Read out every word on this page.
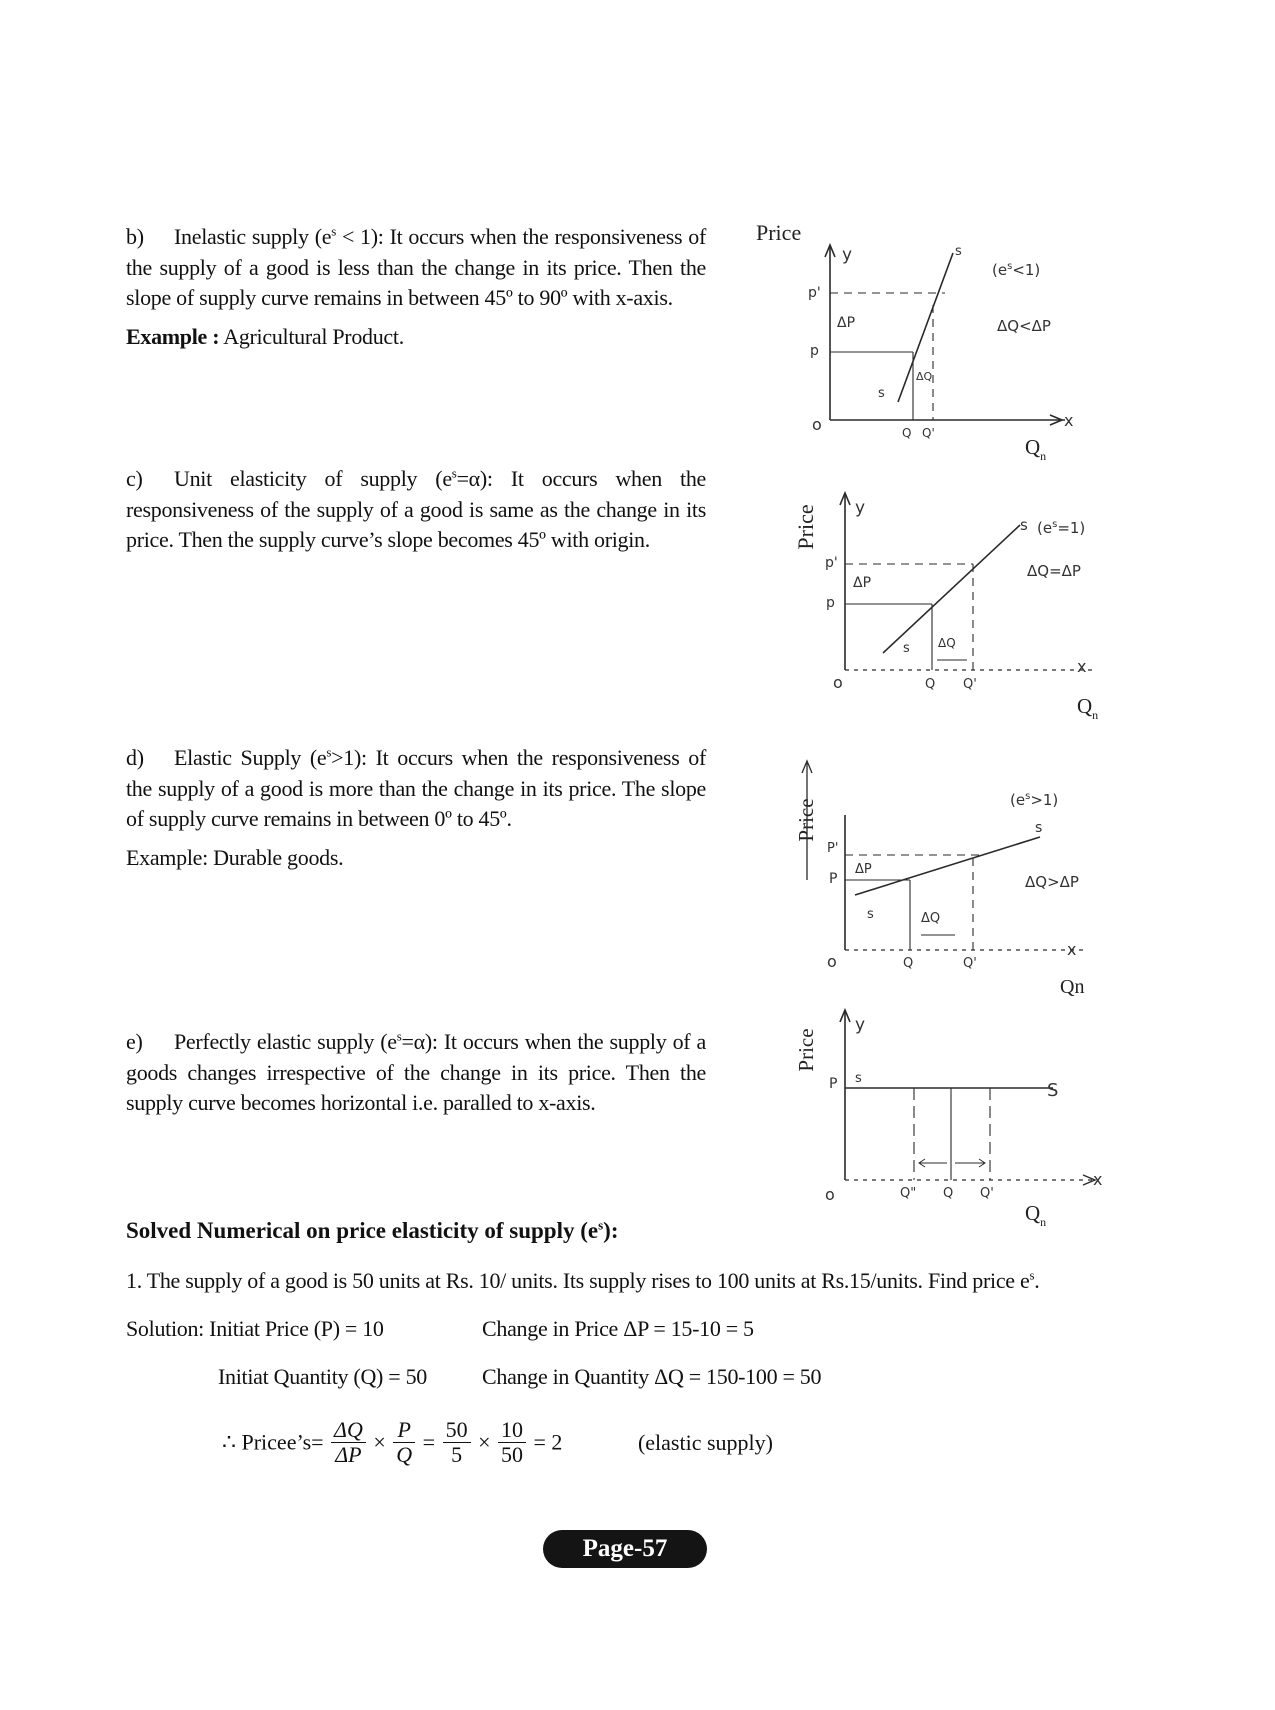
b) Inelastic supply $(e^s < 1)$: It occurs when the responsiveness of the supply of a good is less than the change in its price. Then the slope of supply curve remains in between 45º to 90º with x-axis.

Example : Agricultural Product.

c) Unit elasticity of supply $(e^s=\alpha)$: It occurs when the responsiveness of the supply of a good is same as the change in its price. Then the supply curve’s slope becomes 45º with origin.

d) Elastic Supply $(e^s>1)$: It occurs when the responsiveness of the supply of a good is more than the change in its price. The slope of supply curve remains in between 0º to 45º.

Example: Durable goods.

e) Perfectly elastic supply $(e^s=\alpha)$: It occurs when the supply of a goods changes irrespective of the change in its price. Then the supply curve becomes horizontal i.e. paralled to x-axis.

Price
y
x
o
p'
p
s
s
ΔP
ΔQ
Q Q'
$Q_n$
$(e^s<1)$
ΔQ<ΔP
Price y
x
o
p'
p
s
s
ΔP
ΔQ
Q Q'
$Q_n$
$(e^s=1)$
ΔQ=ΔP
Price
x
o
P'
P
s
s
ΔP
ΔQ
Q	Q'
Qn
$(e^s>1)$
ΔQ>ΔP
Price
y
x
o
P s
S
Q" Q Q'
$Q_n$
Solved Numerical on price elasticity of supply $(e^s)$:
1. The supply of a good is 50 units at Rs. 10/ units. Its supply rises to 100 units at Rs.15/units. Find price $e^s$.
Solution: Initiat Price (P) = 10	Change in Price ΔP = 15-10 = 5
Initiat Quantity (Q) = 50	Change in Quantity ΔQ = 150-100 = 50
∴ Pricee’s= $\frac{\Delta Q}{\Delta P} \times \frac{P}{Q} = \frac{50}{5} \times \frac{10}{50} = 2$	(elastic supply)
Page-57
